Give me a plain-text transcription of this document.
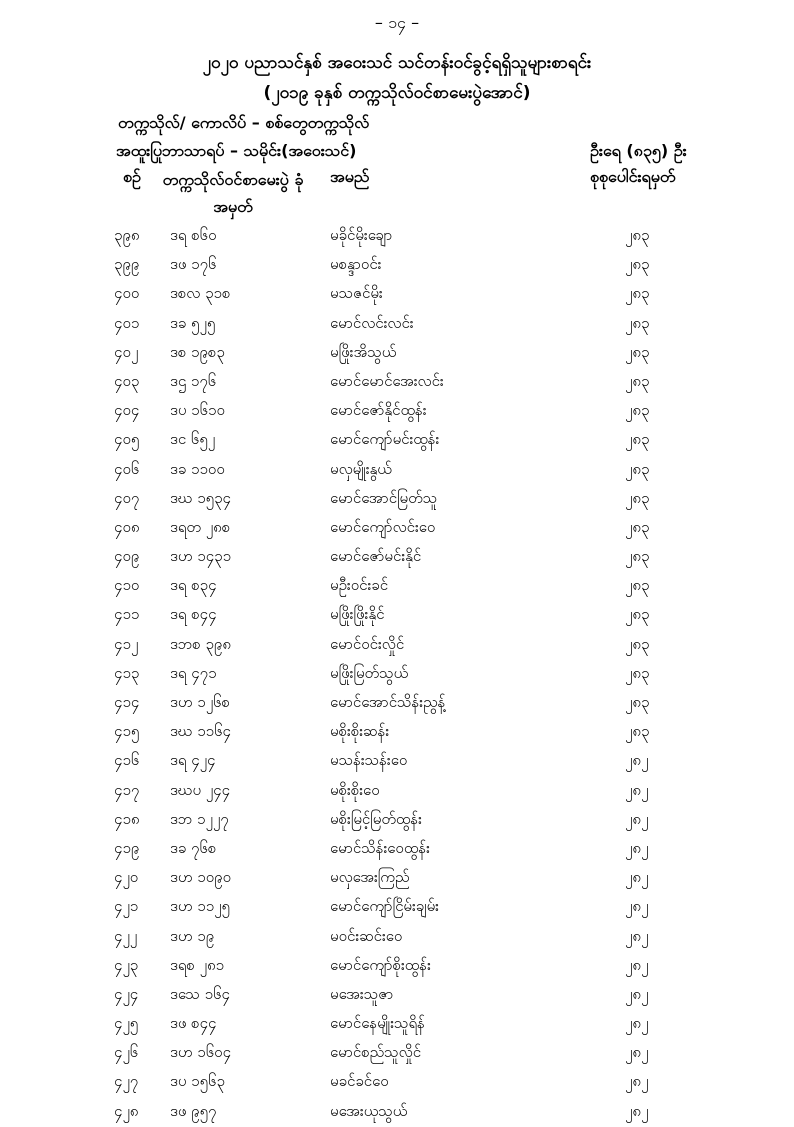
– ၁၄ –
၂၀၂၀ ပညာသင်နှစ် အဝေးသင် သင်တန်းဝင်ခွင့်ရရှိသူများစာရင်း
(၂၀၁၉ ခုနှစ် တက္ကသိုလ်ဝင်စာမေးပွဲအောင်)
တက္ကသိုလ်/ ကောလိပ် – စစ်တွေတက္ကသိုလ်
အထူးပြုဘာသာရပ် – သမိုင်း(အဝေးသင်)	ဦးရေ (၈၃၅) ဦး
စဉ် တက္ကသိုလ်ဝင်စာမေးပွဲ ခုံအမှတ်
အမည်	စုစုပေါင်းရမှတ်
၃၉၈ ဒရ စ၆၀	မခိုင်မိုးချော	၂၈၃
၃၉၉ ဒဖ ၁၇၆	မစန္ဒာဝင်း	၂၈၃
၄၀၀ ဒစလ ၃၁စ	မသဇင်မိုး	၂၈၃
၄၀၁ ဒခ ၅၂၅	မောင်လင်းလင်း	၂၈၃
၄၀၂ ဒစ ၁၉စ၃	မဖြိုးအိသွယ်	၂၈၃
၄၀၃ ဒဌ ၁၇၆	မောင်မောင်အေးလင်း	၂၈၃
၄၀၄ ဒပ ၁၆၁၀	မောင်ဇော်နိုင်ထွန်း	၂၈၃
၄၀၅ ဒင ၆၅၂	မောင်ကျော်မင်းထွန်း	၂၈၃
၄၀၆ ဒခ ၁၁၀၀	မလှမျိုးနွယ်	၂၈၃
၄၀၇ ဒဃ ၁၅၃၄	မောင်အောင်မြတ်သူ	၂၈၃
၄၀၈ ဒရတ ၂၈စ	မောင်ကျော်လင်းဝေ	၂၈၃
၄၀၉ ဒဟ ၁၄၃၁	မောင်ဇော်မင်းနိုင်	၂၈၃
၄၁၀ ဒရ စ၃၄	မဦးဝင်းခင်	၂၈၃
၄၁၁ ဒရ စ၄၄	မဖြိုးဖြိုးနိုင်	၂၈၃
၄၁၂ ဒဘစ ၃၉၈	မောင်ဝင်းလှိုင်	၂၈၃
၄၁၃ ဒရ ၄၇၁	မဖြိုးမြတ်သွယ်	၂၈၃
၄၁၄ ဒဟ ၁၂၆စ	မောင်အောင်သိန်းညွန့်	၂၈၃
၄၁၅ ဒဃ ၁၁၆၄	မစိုးစိုးဆန်း	၂၈၃
၄၁၆ ဒရ ၄၂၄	မသန်းသန်းဝေ	၂၈၂
၄၁၇ ဒဃပ ၂၄၄	မစိုးစိုးဝေ	၂၈၂
၄၁၈ ဒဘ ၁၂၂၇	မစိုးမြင့်မြတ်ထွန်း	၂၈၂
၄၁၉ ဒခ ၇၆စ	မောင်သိန်းဝေထွန်း	၂၈၂
၄၂၀ ဒဟ ၁၀၉၀	မလှအေးကြည်	၂၈၂
၄၂၁ ဒဟ ၁၁၂၅	မောင်ကျော်ငြိမ်းချမ်း	၂၈၂
၄၂၂ ဒဟ ၁၉	မဝင်းဆင်းဝေ	၂၈၂
၄၂၃ ဒရစ ၂၈၁	မောင်ကျော်စိုးထွန်း	၂၈၂
၄၂၄ ဒသေ ၁၆၄	မအေးသူဇာ	၂၈၂
၄၂၅ ဒဖ စ၄၄	မောင်နေမျိုးသူရိန်	၂၈၂
၄၂၆ ဒဟ ၁၆၀၄	မောင်စည်သူလှိုင်	၂၈၂
၄၂၇ ဒပ ၁၅၆၃	မခင်ခင်ဝေ	၂၈၂
၄၂၈ ဒဖ ၉၅၇	မအေးယုသွယ်	၂၈၂
